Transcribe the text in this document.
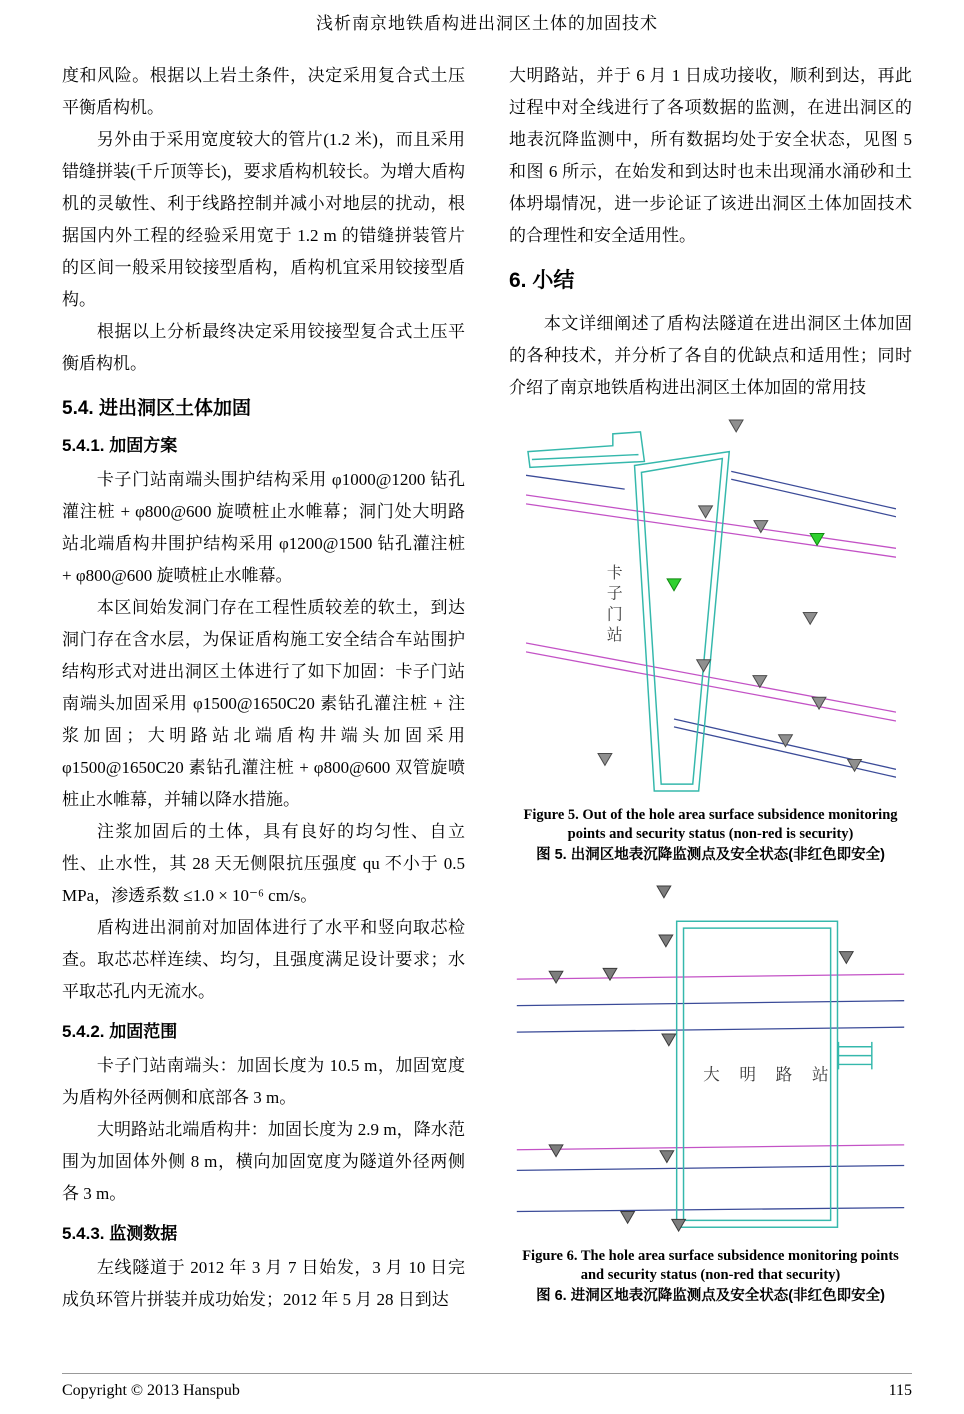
浅析南京地铁盾构进出洞区土体的加固技术

度和风险。根据以上岩土条件，决定采用复合式土压平衡盾构机。

另外由于采用宽度较大的管片(1.2 米)，而且采用错缝拼装(千斤顶等长)，要求盾构机较长。为增大盾构机的灵敏性、利于线路控制并减小对地层的扰动，根据国内外工程的经验采用宽于 1.2 m 的错缝拼装管片的区间一般采用铰接型盾构，盾构机宜采用铰接型盾构。

根据以上分析最终决定采用铰接型复合式土压平衡盾构机。

5.4. 进出洞区土体加固
5.4.1. 加固方案

卡子门站南端头围护结构采用 φ1000@1200 钻孔灌注桩 + φ800@600 旋喷桩止水帷幕；洞门处大明路站北端盾构井围护结构采用 φ1200@1500 钻孔灌注桩 + φ800@600 旋喷桩止水帷幕。

本区间始发洞门存在工程性质较差的软土，到达洞门存在含水层，为保证盾构施工安全结合车站围护结构形式对进出洞区土体进行了如下加固：卡子门站南端头加固采用 φ1500@1650C20 素钻孔灌注桩 + 注浆加固；大明路站北端盾构井端头加固采用 φ1500@1650C20 素钻孔灌注桩 + φ800@600 双管旋喷桩止水帷幕，并辅以降水措施。

注浆加固后的土体，具有良好的均匀性、自立性、止水性，其 28 天无侧限抗压强度 qu 不小于 0.5 MPa，渗透系数 ≤1.0 × 10⁻⁶ cm/s。

盾构进出洞前对加固体进行了水平和竖向取芯检查。取芯芯样连续、均匀，且强度满足设计要求；水平取芯孔内无流水。

5.4.2. 加固范围

卡子门站南端头：加固长度为 10.5 m，加固宽度为盾构外径两侧和底部各 3 m。

大明路站北端盾构井：加固长度为 2.9 m，降水范围为加固体外侧 8 m，横向加固宽度为隧道外径两侧各 3 m。

5.4.3. 监测数据

左线隧道于 2012 年 3 月 7 日始发，3 月 10 日完成负环管片拼装并成功始发；2012 年 5 月 28 日到达

大明路站，并于 6 月 1 日成功接收，顺利到达，再此过程中对全线进行了各项数据的监测，在进出洞区的地表沉降监测中，所有数据均处于安全状态，见图 5 和图 6 所示，在始发和到达时也未出现涌水涌砂和土体坍塌情况，进一步论证了该进出洞区土体加固技术的合理性和安全适用性。

6. 小结

本文详细阐述了盾构法隧道在进出洞区土体加固的各种技术，并分析了各自的优缺点和适用性；同时介绍了南京地铁盾构进出洞区土体加固的常用技

卡子门站
Figure 5. Out of the hole area surface subsidence monitoring points and security status (non-red is security)
图 5. 出洞区地表沉降监测点及安全状态(非红色即安全)
大明路站
Figure 6. The hole area surface subsidence monitoring points and security status (non-red that security)
图 6. 进洞区地表沉降监测点及安全状态(非红色即安全)
Copyright © 2013 Hanspub	115
